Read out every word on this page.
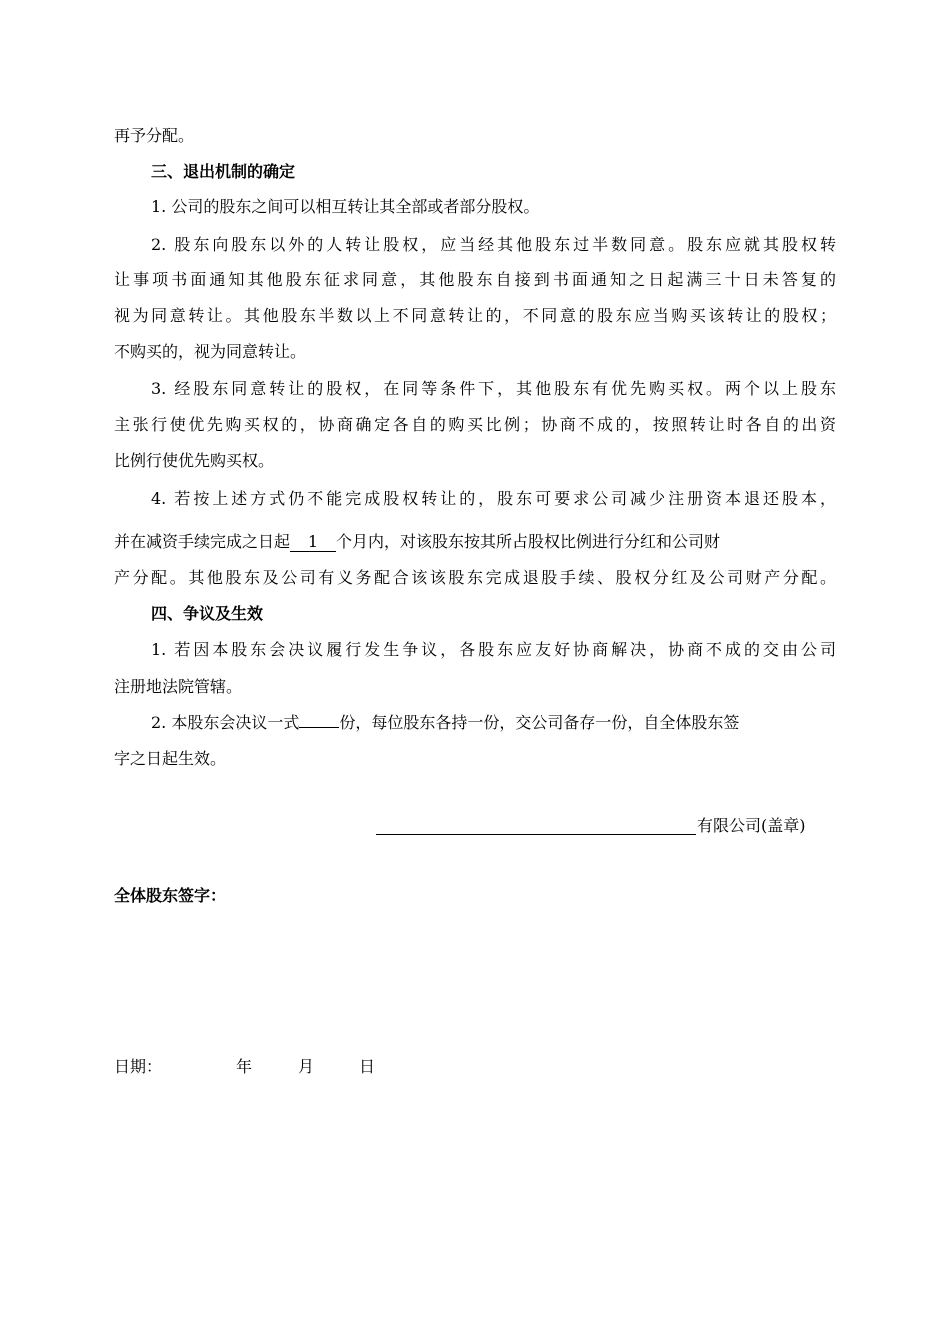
再予分配。
三、退出机制的确定
1. 公司的股东之间可以相互转让其全部或者部分股权。
2. 股东向股东以外的人转让股权，应当经其他股东过半数同意。股东应就其股权转
让事项书面通知其他股东征求同意，其他股东自接到书面通知之日起满三十日未答复的
视为同意转让。其他股东半数以上不同意转让的，不同意的股东应当购买该转让的股权；
不购买的，视为同意转让。
3. 经股东同意转让的股权，在同等条件下，其他股东有优先购买权。两个以上股东
主张行使优先购买权的，协商确定各自的购买比例；协商不成的，按照转让时各自的出资
比例行使优先购买权。
4. 若按上述方式仍不能完成股权转让的，股东可要求公司减少注册资本退还股本，
并在减资手续完成之日起 1 个月内，对该股东按其所占股权比例进行分红和公司财
产分配。其他股东及公司有义务配合该该股东完成退股手续、股权分红及公司财产分配。
四、争议及生效
1. 若因本股东会决议履行发生争议，各股东应友好协商解决，协商不成的交由公司
注册地法院管辖。
2. 本股东会决议一式	份，每位股东各持一份，交公司备存一份，自全体股东签
字之日起生效。
有限公司(盖章)
全体股东签字：
日期：	年	月	日
